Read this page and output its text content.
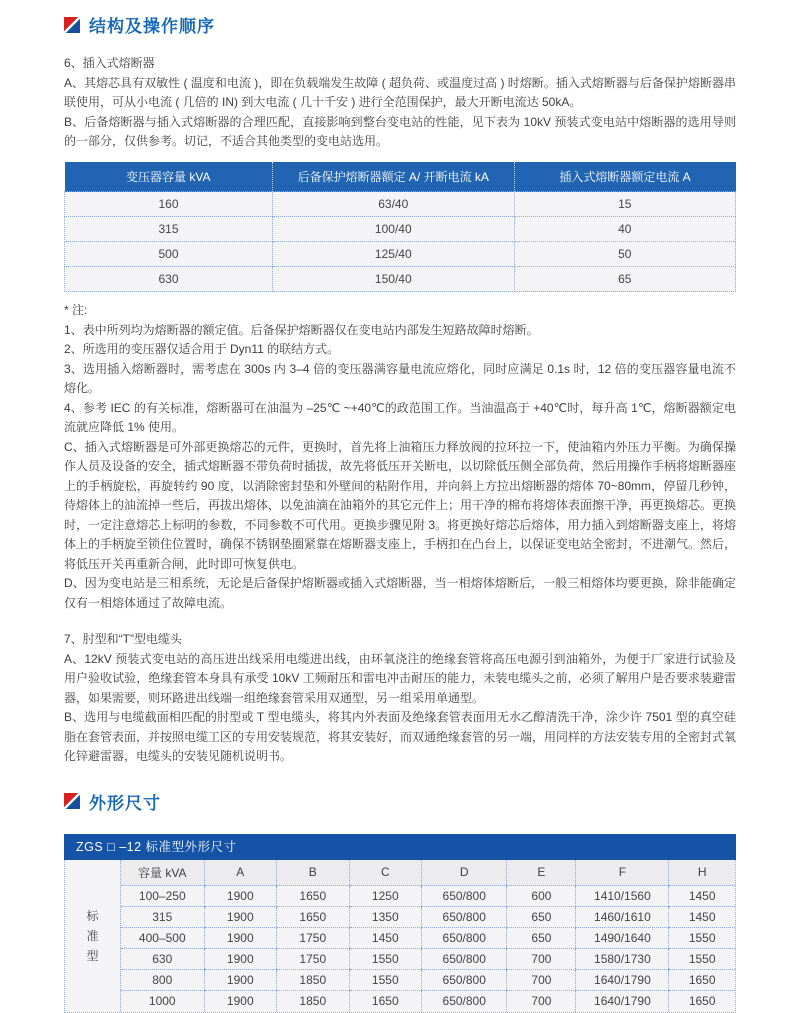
结构及操作顺序

6、插入式熔断器

A、其熔芯具有双敏性 ( 温度和电流 )，即在负载端发生故障 ( 超负荷、或温度过高 ) 时熔断。插入式熔断器与后备保护熔断器串联使用，可从小电流 ( 几倍的 IN) 到大电流 ( 几十千安 ) 进行全范围保护，最大开断电流达 50kA。

B、后备熔断器与插入式熔断器的合理匹配，直接影响到整台变电站的性能，见下表为 10kV 预装式变电站中熔断器的选用导则的一部分，仅供参考。切记，不适合其他类型的变电站选用。

变压器容量 kVA	后备保护熔断器额定 A/ 开断电流 kA	插入式熔断器额定电流 A
160	63/40	15
315	100/40	40
500	125/40	50
630	150/40	65

* 注:

1、表中所列均为熔断器的额定值。后备保护熔断器仅在变电站内部发生短路故障时熔断。

2、所选用的变压器仅适合用于 Dyn11 的联结方式。

3、选用插入熔断器时，需考虑在 300s 内 3–4 倍的变压器满容量电流应熔化，同时应满足 0.1s 时，12 倍的变压器容量电流不熔化。

4、参考 IEC 的有关标准，熔断器可在油温为 –25℃ ~+40℃的政范围工作。当油温高于 +40℃时，每升高 1℃，熔断器额定电流就应降低 1% 使用。

C、插入式熔断器是可外部更换熔芯的元件，更换时，首先将上油箱压力释放阀的拉环拉一下，使油箱内外压力平衡。为确保操作人员及设备的安全，插式熔断器不带负荷时插拔，故先将低压开关断电，以切除低压侧全部负荷，然后用操作手柄将熔断器座上的手柄旋松，再旋转约 90 度，以消除密封垫和外壁间的粘附作用，并向斜上方拉出熔断器的熔体 70~80mm，停留几秒钟，待熔体上的油流掉一些后，再拔出熔体，以免油滴在油箱外的其它元件上；用干净的棉布将熔体表面擦干净，再更换熔芯。更换时，一定注意熔芯上标明的参数，不同参数不可代用。更换步骤见附 3。将更换好熔芯后熔体，用力插入到熔断器支座上，将熔体上的手柄旋至锁住位置时，确保不锈钢垫圈紧靠在熔断器支座上，手柄扣在凸台上，以保证变电站全密封，不进潮气。然后，将低压开关再重新合闸，此时即可恢复供电。

D、因为变电站是三相系统，无论是后备保护熔断器或插入式熔断器，当一相熔体熔断后，一般三相熔体均要更换，除非能确定仅有一相熔体通过了故障电流。

7、肘型和“T”型电缆头

A、12kV 预装式变电站的高压进出线采用电缆进出线，由环氧浇注的绝缘套管将高压电源引到油箱外，为便于厂家进行试验及用户验收试验，绝缘套管本身具有承受 10kV 工频耐压和雷电冲击耐压的能力，未装电缆头之前，必须了解用户是否要求装避雷器，如果需要，则环路进出线端一组绝缘套管采用双通型，另一组采用单通型。

B、选用与电缆截面相匹配的肘型或 T 型电缆头，将其内外表面及绝缘套管表面用无水乙醇清洗干净，涂少许 7501 型的真空硅脂在套管表面，并按照电缆工区的专用安装规范，将其安装好，而双通绝缘套管的另一端，用同样的方法安装专用的全密封式氧化锌避雷器，电缆头的安装见随机说明书。

外形尺寸
ZGS □ –12 标准型外形尺寸
标准型
容量 kVA	A	B	C	D	E	F	H
100–250	1900	1650	1250	650/800	600	1410/1560	1450
315	1900	1650	1350	650/800	650	1460/1610	1450
400–500	1900	1750	1450	650/800	650	1490/1640	1550
630	1900	1750	1550	650/800	700	1580/1730	1550
800	1900	1850	1550	650/800	700	1640/1790	1650
1000	1900	1850	1650	650/800	700	1640/1790	1650
